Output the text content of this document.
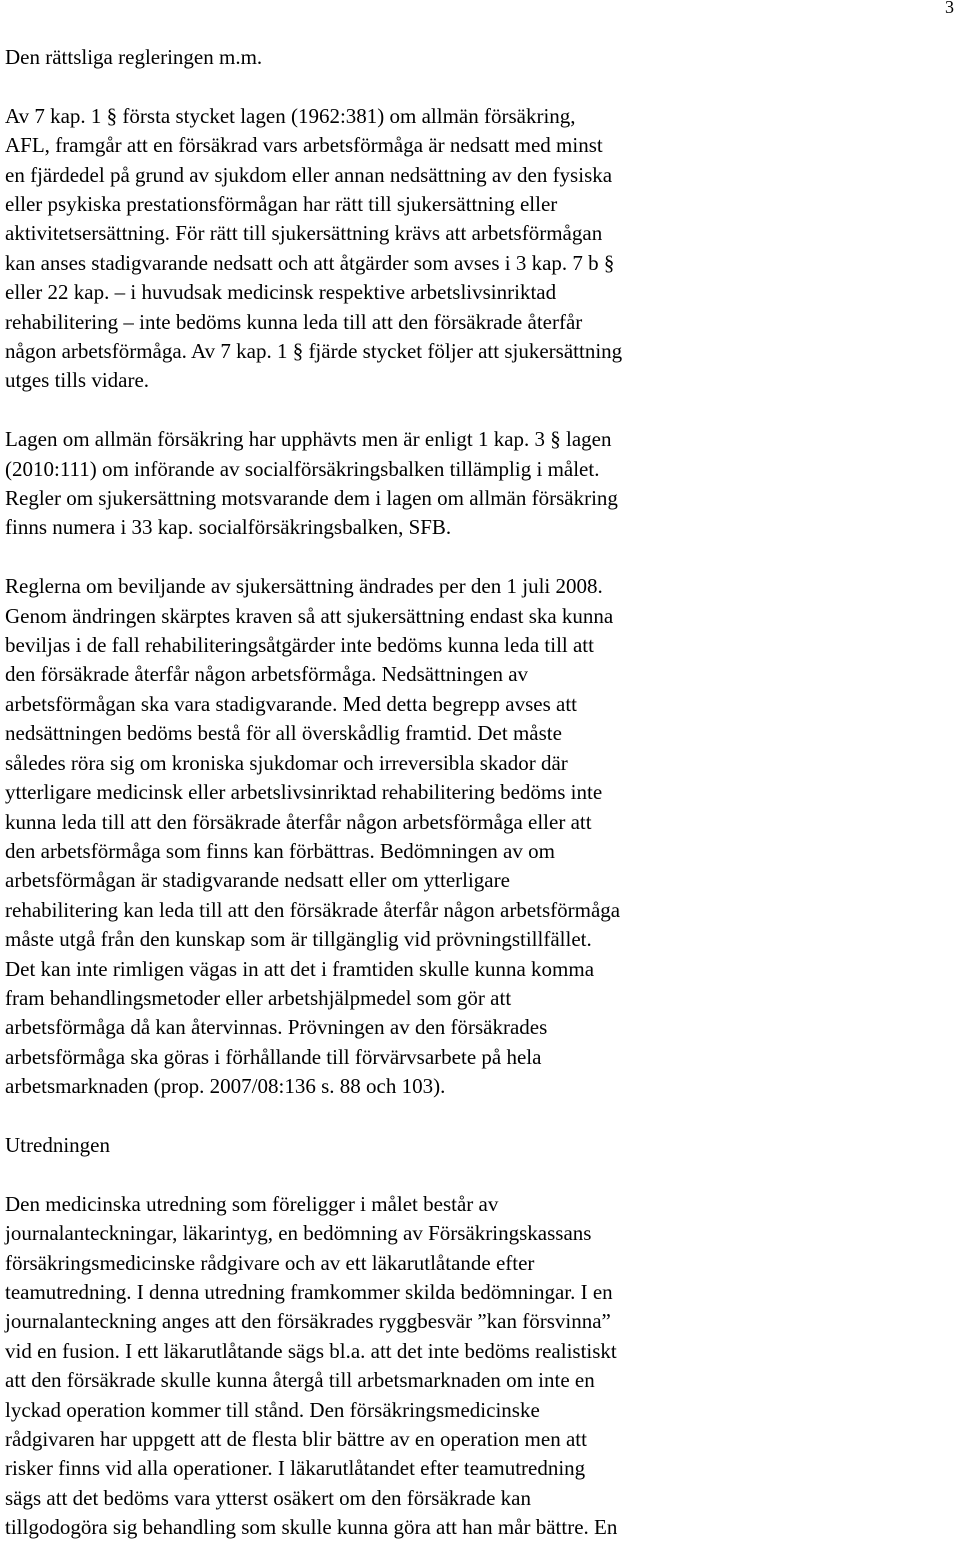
3
Den rättsliga regleringen m.m.
Av 7 kap. 1 § första stycket lagen (1962:381) om allmän försäkring,
AFL, framgår att en försäkrad vars arbetsförmåga är nedsatt med minst
en fjärdedel på grund av sjukdom eller annan nedsättning av den fysiska
eller psykiska prestationsförmågan har rätt till sjukersättning eller
aktivitetsersättning. För rätt till sjukersättning krävs att arbetsförmågan
kan anses stadigvarande nedsatt och att åtgärder som avses i 3 kap. 7 b §
eller 22 kap. – i huvudsak medicinsk respektive arbetslivsinriktad
rehabilitering – inte bedöms kunna leda till att den försäkrade återfår
någon arbetsförmåga. Av 7 kap. 1 § fjärde stycket följer att sjukersättning
utges tills vidare.
Lagen om allmän försäkring har upphävts men är enligt 1 kap. 3 § lagen
(2010:111) om införande av socialförsäkringsbalken tillämplig i målet.
Regler om sjukersättning motsvarande dem i lagen om allmän försäkring
finns numera i 33 kap. socialförsäkringsbalken, SFB.
Reglerna om beviljande av sjukersättning ändrades per den 1 juli 2008.
Genom ändringen skärptes kraven så att sjukersättning endast ska kunna
beviljas i de fall rehabiliteringsåtgärder inte bedöms kunna leda till att
den försäkrade återfår någon arbetsförmåga. Nedsättningen av
arbetsförmågan ska vara stadigvarande. Med detta begrepp avses att
nedsättningen bedöms bestå för all överskådlig framtid. Det måste
således röra sig om kroniska sjukdomar och irreversibla skador där
ytterligare medicinsk eller arbetslivsinriktad rehabilitering bedöms inte
kunna leda till att den försäkrade återfår någon arbetsförmåga eller att
den arbetsförmåga som finns kan förbättras. Bedömningen av om
arbetsförmågan är stadigvarande nedsatt eller om ytterligare
rehabilitering kan leda till att den försäkrade återfår någon arbetsförmåga
måste utgå från den kunskap som är tillgänglig vid prövningstillfället.
Det kan inte rimligen vägas in att det i framtiden skulle kunna komma
fram behandlingsmetoder eller arbetshjälpmedel som gör att
arbetsförmåga då kan återvinnas. Prövningen av den försäkrades
arbetsförmåga ska göras i förhållande till förvärvsarbete på hela
arbetsmarknaden (prop. 2007/08:136 s. 88 och 103).
Utredningen
Den medicinska utredning som föreligger i målet består av
journalanteckningar, läkarintyg, en bedömning av Försäkringskassans
försäkringsmedicinske rådgivare och av ett läkarutlåtande efter
teamutredning. I denna utredning framkommer skilda bedömningar. I en
journalanteckning anges att den försäkrades ryggbesvär ”kan försvinna”
vid en fusion. I ett läkarutlåtande sägs bl.a. att det inte bedöms realistiskt
att den försäkrade skulle kunna återgå till arbetsmarknaden om inte en
lyckad operation kommer till stånd. Den försäkringsmedicinske
rådgivaren har uppgett att de flesta blir bättre av en operation men att
risker finns vid alla operationer. I läkarutlåtandet efter teamutredning
sägs att det bedöms vara ytterst osäkert om den försäkrade kan
tillgodogöra sig behandling som skulle kunna göra att han mår bättre. En
